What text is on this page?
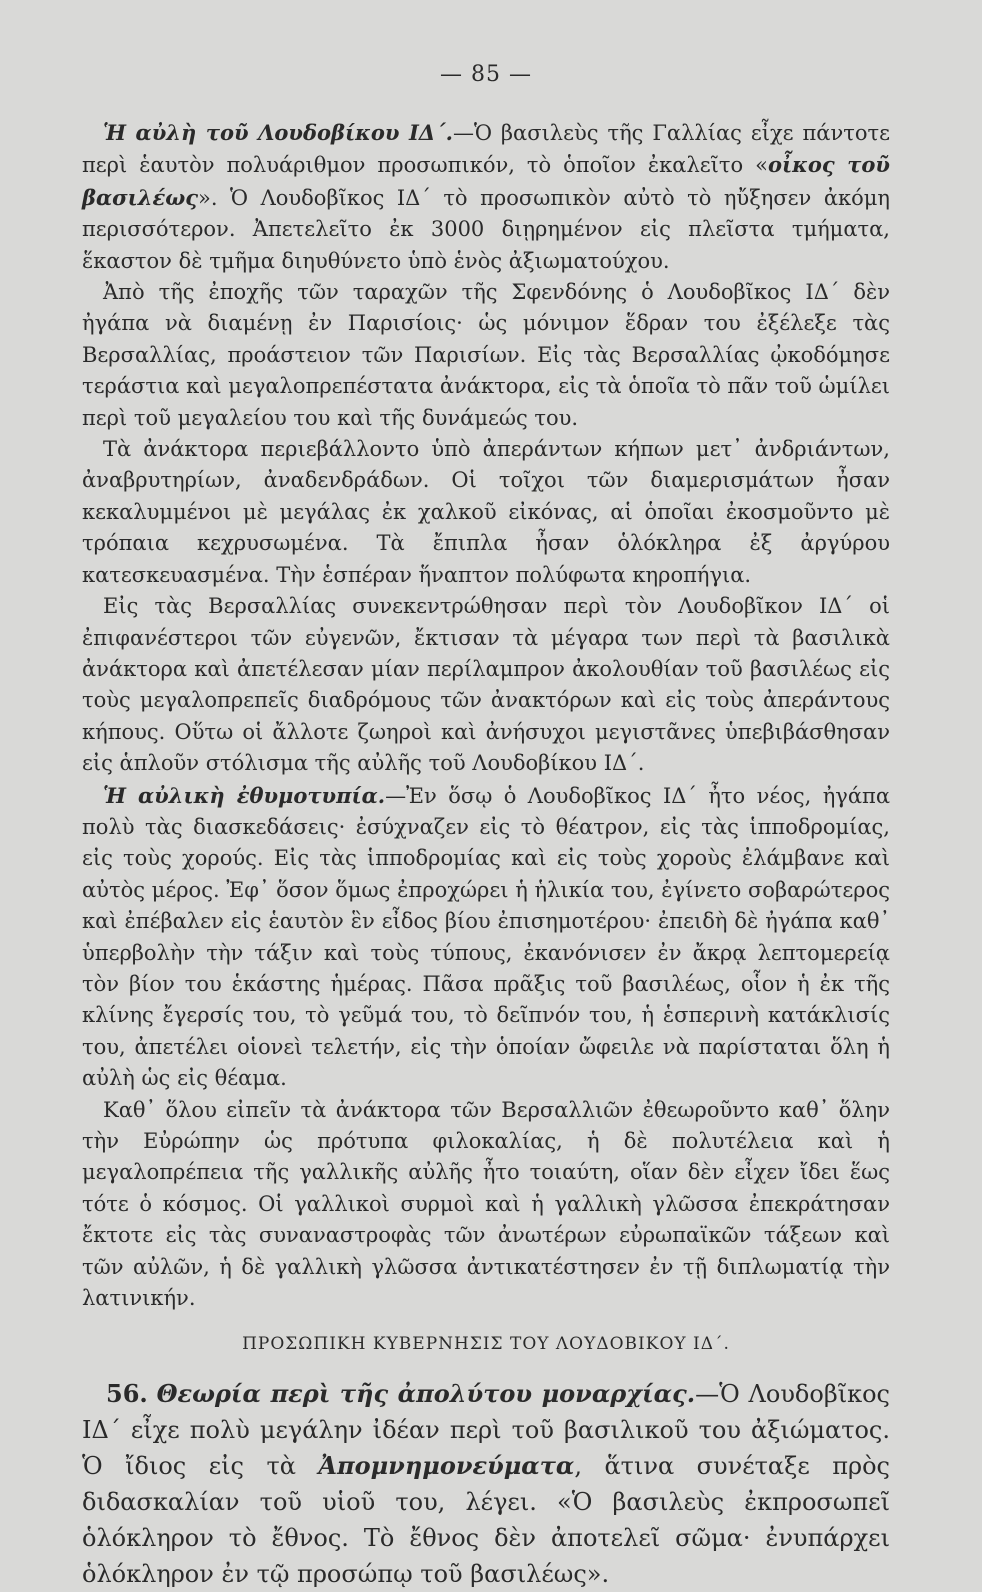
— 85 —

 Ἡ αὐλὴ τοῦ Λουδοβίκου ΙΔ΄.—Ὁ βασιλεὺς τῆς Γαλλίας εἶχε πάντοτε περὶ ἑαυτὸν πολυάριθμον προσωπικόν, τὸ ὁποῖον ἐκαλεῖτο «οἶκος τοῦ βασιλέως». Ὁ Λουδοβῖκος ΙΔ΄ τὸ προσωπικὸν αὐτὸ τὸ ηὔξησεν ἀκόμη περισσότερον. Ἀπετελεῖτο ἐκ 3000 διῃρημένον εἰς πλεῖστα τμήματα, ἕκαστον δὲ τμῆμα διηυθύνετο ὑπὸ ἑνὸς ἀξιωματούχου.

 Ἀπὸ τῆς ἐποχῆς τῶν ταραχῶν τῆς Σφενδόνης ὁ Λουδοβῖκος ΙΔ΄ δὲν ἠγάπα νὰ διαμένῃ ἐν Παρισίοις· ὡς μόνιμον ἕδραν του ἐξέλεξε τὰς Βερσαλλίας, προάστειον τῶν Παρισίων. Εἰς τὰς Βερσαλλίας ᾠκοδόμησε τεράστια καὶ μεγαλοπρεπέστατα ἀνάκτορα, εἰς τὰ ὁποῖα τὸ πᾶν τοῦ ὡμίλει περὶ τοῦ μεγαλείου του καὶ τῆς δυνάμεώς του.

 Τὰ ἀνάκτορα περιεβάλλοντο ὑπὸ ἀπεράντων κήπων μετ᾽ ἀνδριάντων, ἀναβρυτηρίων, ἀναδενδράδων. Οἱ τοῖχοι τῶν διαμερισμάτων ἦσαν κεκαλυμμένοι μὲ μεγάλας ἐκ χαλκοῦ εἰκόνας, αἱ ὁποῖαι ἐκοσμοῦντο μὲ τρόπαια κεχρυσωμένα. Τὰ ἔπιπλα ἦσαν ὁλόκληρα ἐξ ἀργύρου κατεσκευασμένα. Τὴν ἑσπέραν ἥναπτον πολύφωτα κηροπήγια.

 Εἰς τὰς Βερσαλλίας συνεκεντρώθησαν περὶ τὸν Λουδοβῖκον ΙΔ΄ οἱ ἐπιφανέστεροι τῶν εὐγενῶν, ἔκτισαν τὰ μέγαρα των περὶ τὰ βασιλικὰ ἀνάκτορα καὶ ἀπετέλεσαν μίαν περίλαμπρον ἀκολουθίαν τοῦ βασιλέως εἰς τοὺς μεγαλοπρεπεῖς διαδρόμους τῶν ἀνακτόρων καὶ εἰς τοὺς ἀπεράντους κήπους. Οὕτω οἱ ἄλλοτε ζωηροὶ καὶ ἀνήσυχοι μεγιστᾶνες ὑπεβιβάσθησαν εἰς ἁπλοῦν στόλισμα τῆς αὐλῆς τοῦ Λουδοβίκου ΙΔ΄.

 Ἡ αὐλικὴ ἐθυμοτυπία.—Ἐν ὅσῳ ὁ Λουδοβῖκος ΙΔ΄ ἦτο νέος, ἠγάπα πολὺ τὰς διασκεδάσεις· ἐσύχναζεν εἰς τὸ θέατρον, εἰς τὰς ἱπποδρομίας, εἰς τοὺς χορούς. Εἰς τὰς ἱπποδρομίας καὶ εἰς τοὺς χοροὺς ἐλάμβανε καὶ αὐτὸς μέρος. Ἐφ᾽ ὅσον ὅμως ἐπροχώρει ἡ ἡλικία του, ἐγίνετο σοβαρώτερος καὶ ἐπέβαλεν εἰς ἑαυτὸν ἓν εἶδος βίου ἐπισημοτέρου· ἐπειδὴ δὲ ἠγάπα καθ᾽ ὑπερβολὴν τὴν τάξιν καὶ τοὺς τύπους, ἐκανόνισεν ἐν ἄκρᾳ λεπτομερείᾳ τὸν βίον του ἑκάστης ἡμέρας. Πᾶσα πρᾶξις τοῦ βασιλέως, οἷον ἡ ἐκ τῆς κλίνης ἔγερσίς του, τὸ γεῦμά του, τὸ δεῖπνόν του, ἡ ἑσπερινὴ κατάκλισίς του, ἀπετέλει οἱονεὶ τελετήν, εἰς τὴν ὁποίαν ὤφειλε νὰ παρίσταται ὅλη ἡ αὐλὴ ὡς εἰς θέαμα.

 Καθ᾽ ὅλου εἰπεῖν τὰ ἀνάκτορα τῶν Βερσαλλιῶν ἐθεωροῦντο καθ᾽ ὅλην τὴν Εὐρώπην ὡς πρότυπα φιλοκαλίας, ἡ δὲ πολυτέλεια καὶ ἡ μεγαλοπρέπεια τῆς γαλλικῆς αὐλῆς ἦτο τοιαύτη, οἵαν δὲν εἶχεν ἴδει ἕως τότε ὁ κόσμος. Οἱ γαλλικοὶ συρμοὶ καὶ ἡ γαλλικὴ γλῶσσα ἐπεκράτησαν ἔκτοτε εἰς τὰς συναναστροφὰς τῶν ἀνωτέρων εὐρωπαϊκῶν τάξεων καὶ τῶν αὐλῶν, ἡ δὲ γαλλικὴ γλῶσσα ἀντικατέστησεν ἐν τῇ διπλωματίᾳ τὴν λατινικήν.

ΠΡΟΣΩΠΙΚΗ ΚΥΒΕΡΝΗΣΙΣ ΤΟΥ ΛΟΥΔΟΒΙΚΟΥ ΙΔ΄.

 56. Θεωρία περὶ τῆς ἀπολύτου μοναρχίας.—Ὁ Λουδοβῖκος ΙΔ΄ εἶχε πολὺ μεγάλην ἰδέαν περὶ τοῦ βασιλικοῦ του ἀξιώματος. Ὁ ἴδιος εἰς τὰ Ἀπομνημονεύματα, ἅτινα συνέταξε πρὸς διδασκαλίαν τοῦ υἱοῦ του, λέγει. «Ὁ βασιλεὺς ἐκπροσωπεῖ ὁλόκληρον τὸ ἔθνος. Τὸ ἔθνος δὲν ἀποτελεῖ σῶμα· ἐνυπάρχει ὁλόκληρον ἐν τῷ προσώπῳ τοῦ βασιλέως».
